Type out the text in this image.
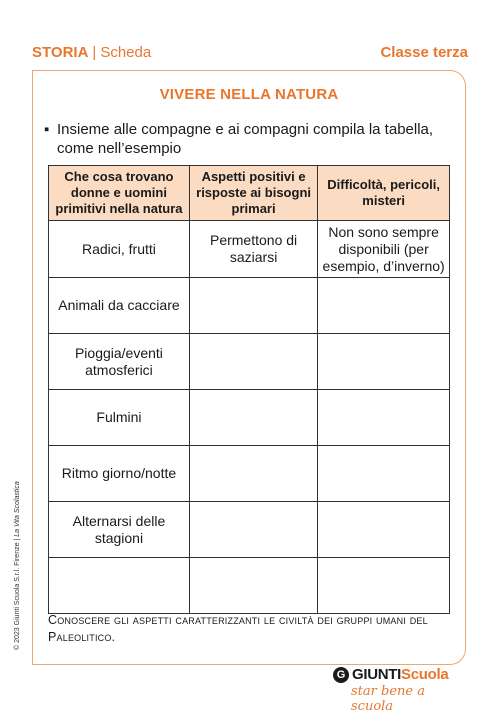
STORIA | Scheda	Classe terza
VIVERE NELLA NATURA
▪ Insieme alle compagne e ai compagni compila la tabella, come nell’esempio
Che cosa trovano donne e uomini primitivi nella natura	Aspetti positivi e risposte ai bisogni primari	Difficoltà, pericoli, misteri
Radici, frutti	Permettono di saziarsi	Non sono sempre disponibili (per esempio, d’inverno)
Animali da cacciare		
Pioggia/eventi atmosferici		
Fulmini		
Ritmo giorno/notte		
Alternarsi delle stagioni		

Conoscere gli aspetti caratterizzanti le civiltà dei gruppi umani del Paleolitico.
© 2023 Giunti Scuola S.r.l. Firenze | La Vita Scolastica
G GIUNTIScuola
star bene a scuola
